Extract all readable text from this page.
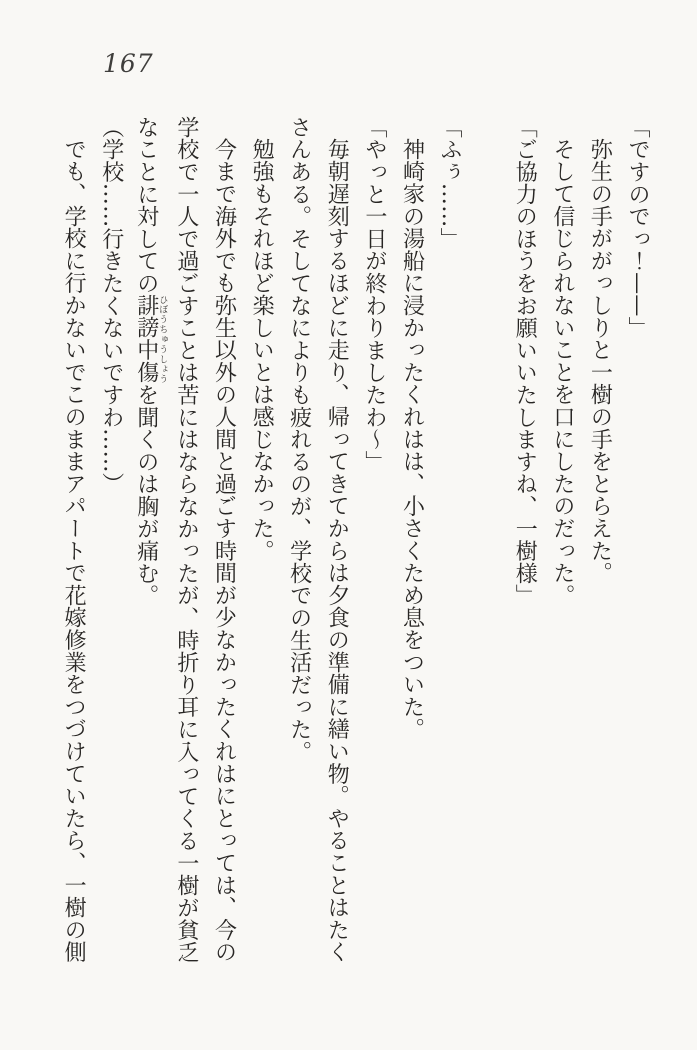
167
「ですのでっ！——」
弥生の手ががっしりと一樹の手をとらえた。
そして信じられないことを口にしたのだった。
「ご協力のほうをお願いいたしますね、一樹様」
「ふぅ……」
神崎家の湯船に浸かったくれはは、小さくため息をついた。
「やっと一日が終わりましたわ～」
毎朝遅刻するほどに走り、帰ってきてからは夕食の準備に繕い物。やることはたく
さんある。そしてなによりも疲れるのが、学校での生活だった。
勉強もそれほど楽しいとは感じなかった。
今まで海外でも弥生以外の人間と過ごす時間が少なかったくれはにとっては、今の
学校で一人で過ごすことは苦にはならなかったが、時折り耳に入ってくる一樹が貧乏
なことに対しての誹謗中傷ひぼうちゅうしょうを聞くのは胸が痛む。
（学校……行きたくないですわ……）
でも、学校に行かないでこのままアパートで花嫁修業をつづけていたら、一樹の側
